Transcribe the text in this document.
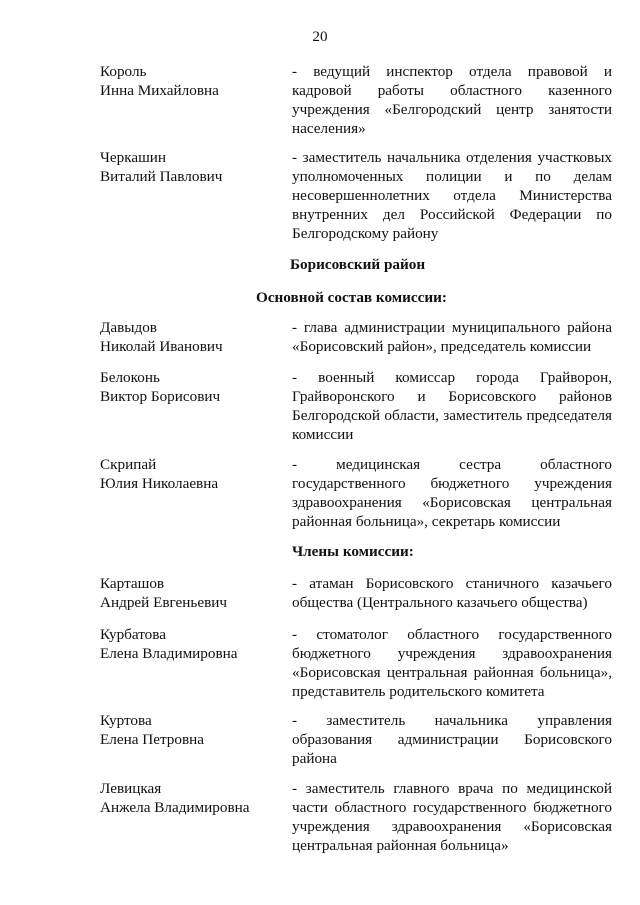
20
Король
Инна Михайловна
- ведущий инспектор отдела правовой и кадровой работы областного казенного учреждения «Белгородский центр занятости населения»
Черкашин
Виталий Павлович
- заместитель начальника отделения участковых уполномоченных полиции и по делам несовершеннолетних отдела Министерства внутренних дел Российской Федерации по Белгородскому району
Борисовский район
Основной состав комиссии:
Давыдов
Николай Иванович
- глава администрации муниципального района «Борисовский район», председатель комиссии
Белоконь
Виктор Борисович
- военный комиссар города Грайворон, Грайворонского и Борисовского районов Белгородской области, заместитель председателя комиссии
Скрипай
Юлия Николаевна
- медицинская сестра областного государственного бюджетного учреждения здравоохранения «Борисовская центральная районная больница», секретарь комиссии
Члены комиссии:
Карташов
Андрей Евгеньевич
- атаман Борисовского станичного казачьего общества (Центрального казачьего общества)
Курбатова
Елена Владимировна
- стоматолог областного государственного бюджетного учреждения здравоохранения «Борисовская центральная районная больница», представитель родительского комитета
Куртова
Елена Петровна
- заместитель начальника управления образования администрации Борисовского района
Левицкая
Анжела Владимировна
- заместитель главного врача по медицинской части областного государственного бюджетного учреждения здравоохранения «Борисовская центральная районная больница»
